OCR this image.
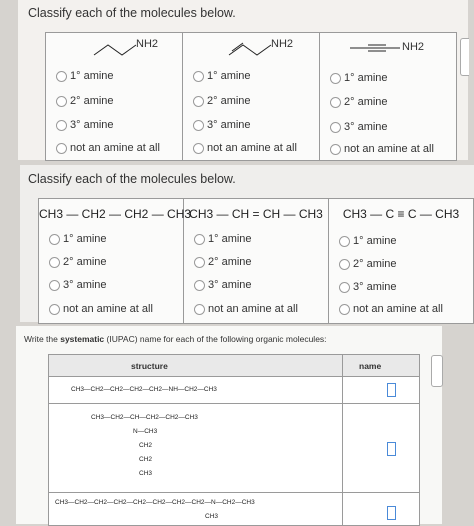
Classify each of the molecules below.
NH2
1° amine
2° amine
3° amine
not an amine at all
NH2
1° amine
2° amine
3° amine
not an amine at all
NH2
1° amine
2° amine
3° amine
not an amine at all
Classify each of the molecules below.
CH3 — CH2 — CH2 — CH3
1° amine
2° amine
3° amine
not an amine at all
CH3 — CH = CH — CH3
1° amine
2° amine
3° amine
not an amine at all
CH3 — C ≡ C — CH3
1° amine
2° amine
3° amine
not an amine at all
Write the systematic (IUPAC) name for each of the following organic molecules:
structure	name
CH3—CH2—CH2—CH2—CH2—NH—CH2—CH3
CH3—CH2—CH—CH2—CH2—CH3
N—CH3
CH2
CH2
CH3
CH3—CH2—CH2—CH2—CH2—CH2—CH2—CH2—N—CH2—CH3
CH3
